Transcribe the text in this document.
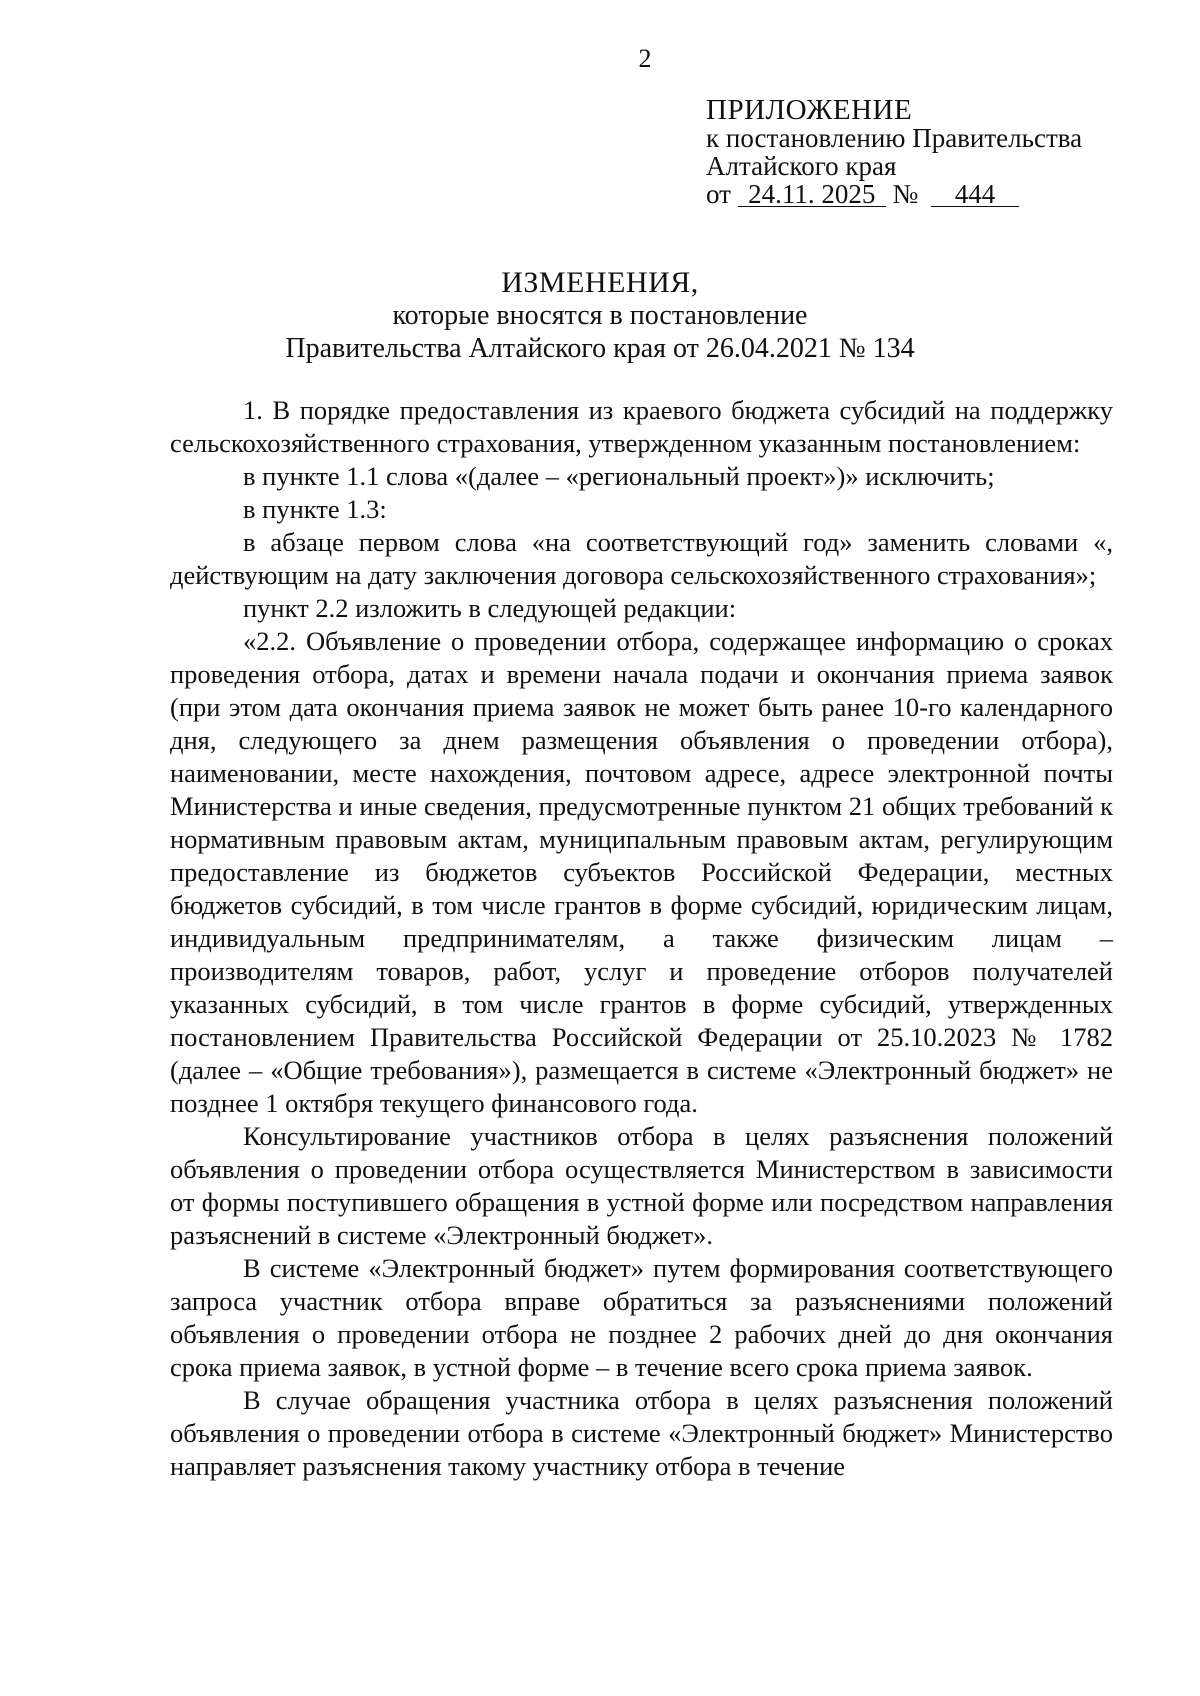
2
ПРИЛОЖЕНИЕ
к постановлению Правительства
Алтайского края
от 24.11. 2025 № 444
ИЗМЕНЕНИЯ,
которые вносятся в постановление
Правительства Алтайского края от 26.04.2021 № 134

1. В порядке предоставления из краевого бюджета субсидий на поддержку сельскохозяйственного страхования, утвержденном указанным постановлением:

в пункте 1.1 слова «(далее – «региональный проект»)» исключить;

в пункте 1.3:

в абзаце первом слова «на соответствующий год» заменить словами «, действующим на дату заключения договора сельскохозяйственного страхования»;

пункт 2.2 изложить в следующей редакции:

«2.2. Объявление о проведении отбора, содержащее информацию о сроках проведения отбора, датах и времени начала подачи и окончания приема заявок (при этом дата окончания приема заявок не может быть ранее 10-го календарного дня, следующего за днем размещения объявления о проведении отбора), наименовании, месте нахождения, почтовом адресе, адресе электронной почты Министерства и иные сведения, предусмотренные пунктом 21 общих требований к нормативным правовым актам, муниципальным правовым актам, регулирующим предоставление из бюджетов субъектов Российской Федерации, местных бюджетов субсидий, в том числе грантов в форме субсидий, юридическим лицам, индивидуальным предпринимателям, а также физическим лицам – производителям товаров, работ, услуг и проведение отборов получателей указанных субсидий, в том числе грантов в форме субсидий, утвержденных постановлением Правительства Российской Федерации от 25.10.2023 № 1782 (далее – «Общие требования»), размещается в системе «Электронный бюджет» не позднее 1 октября текущего финансового года.

Консультирование участников отбора в целях разъяснения положений объявления о проведении отбора осуществляется Министерством в зависимости от формы поступившего обращения в устной форме или посредством направления разъяснений в системе «Электронный бюджет».

В системе «Электронный бюджет» путем формирования соответствующего запроса участник отбора вправе обратиться за разъяснениями положений объявления о проведении отбора не позднее 2 рабочих дней до дня окончания срока приема заявок, в устной форме – в течение всего срока приема заявок.

В случае обращения участника отбора в целях разъяснения положений объявления о проведении отбора в системе «Электронный бюджет» Министерство направляет разъяснения такому участнику отбора в течение
